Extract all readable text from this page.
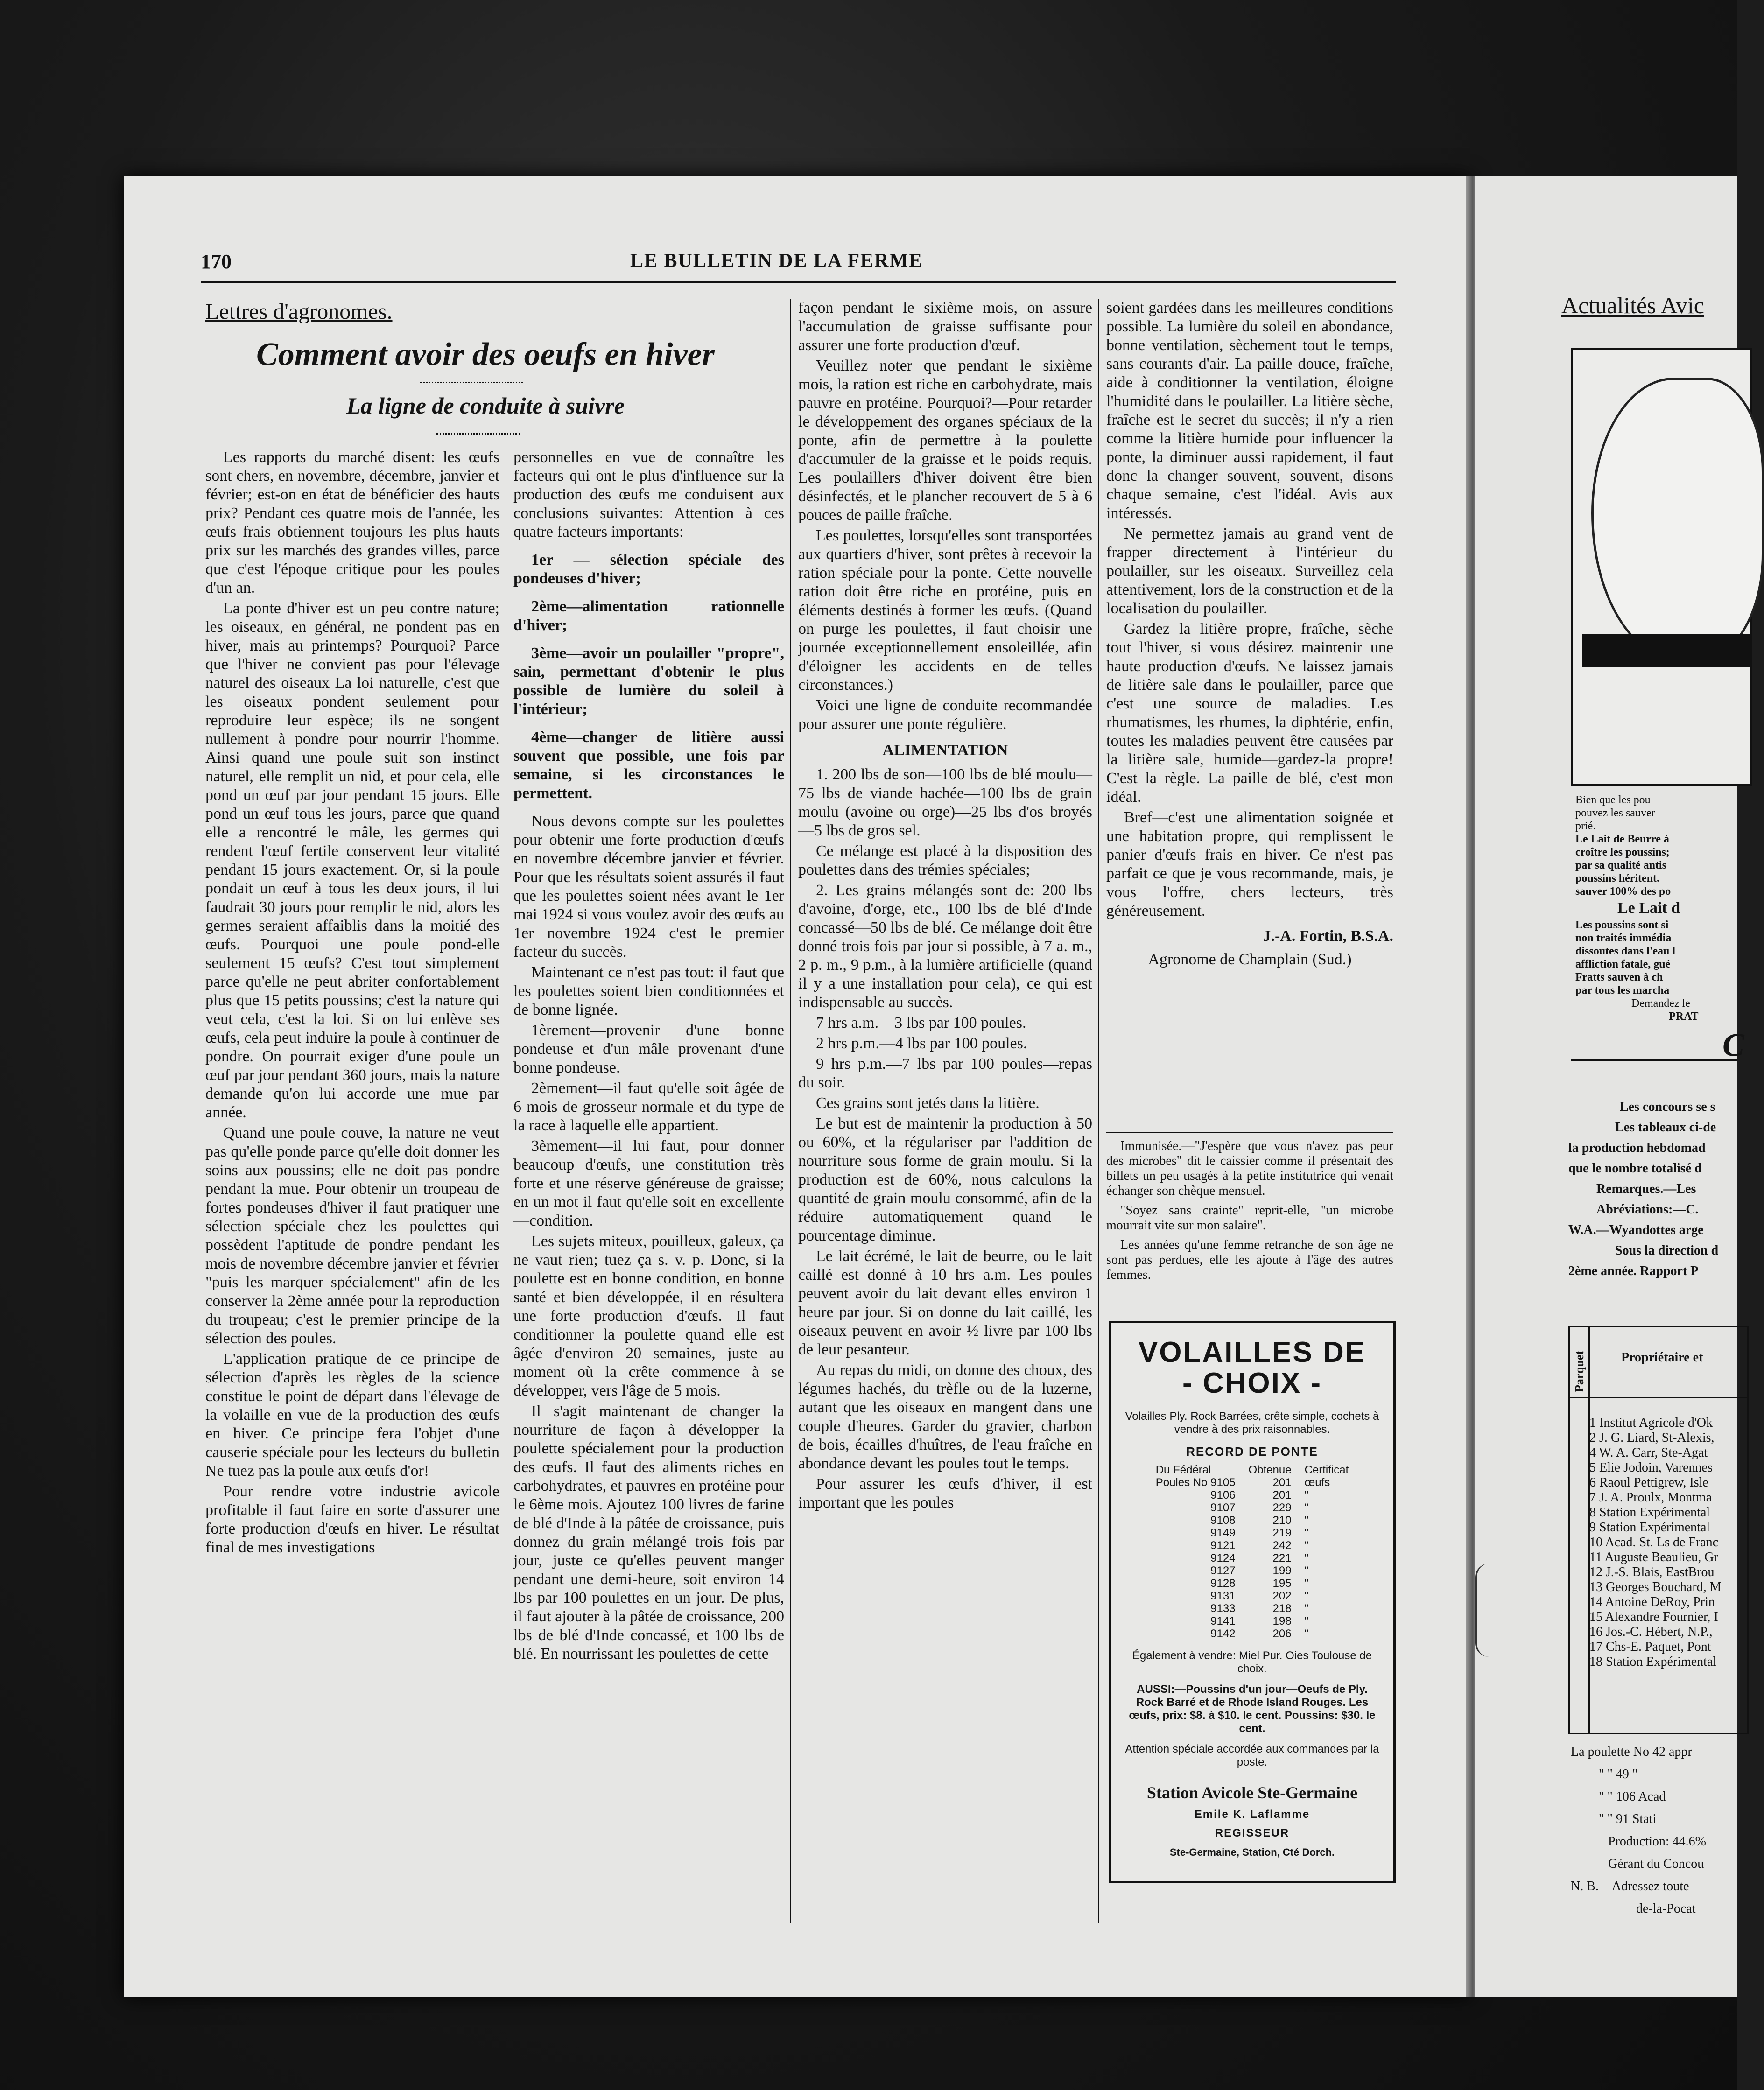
170	LE BULLETIN DE LA FERME
Lettres d'agronomes.
Comment avoir des oeufs en hiver
La ligne de conduite à suivre

Les rapports du marché disent: les œufs sont chers, en novembre, décembre, janvier et février; est-on en état de bénéficier des hauts prix? Pendant ces quatre mois de l'année, les œufs frais obtiennent toujours les plus hauts prix sur les marchés des grandes villes, parce que c'est l'époque critique pour les poules d'un an.

La ponte d'hiver est un peu contre nature; les oiseaux, en général, ne pondent pas en hiver, mais au printemps? Pourquoi? Parce que l'hiver ne convient pas pour l'élevage naturel des oiseaux La loi naturelle, c'est que les oiseaux pondent seulement pour reproduire leur espèce; ils ne songent nullement à pondre pour nourrir l'homme. Ainsi quand une poule suit son instinct naturel, elle remplit un nid, et pour cela, elle pond un œuf par jour pendant 15 jours. Elle pond un œuf tous les jours, parce que quand elle a rencontré le mâle, les germes qui rendent l'œuf fertile conservent leur vitalité pendant 15 jours exactement. Or, si la poule pondait un œuf à tous les deux jours, il lui faudrait 30 jours pour remplir le nid, alors les germes seraient affaiblis dans la moitié des œufs. Pourquoi une poule pond-elle seulement 15 œufs? C'est tout simplement parce qu'elle ne peut abriter confortablement plus que 15 petits poussins; c'est la nature qui veut cela, c'est la loi. Si on lui enlève ses œufs, cela peut induire la poule à continuer de pondre. On pourrait exiger d'une poule un œuf par jour pendant 360 jours, mais la nature demande qu'on lui accorde une mue par année.

Quand une poule couve, la nature ne veut pas qu'elle ponde parce qu'elle doit donner les soins aux poussins; elle ne doit pas pondre pendant la mue. Pour obtenir un troupeau de fortes pondeuses d'hiver il faut pratiquer une sélection spéciale chez les poulettes qui possèdent l'aptitude de pondre pendant les mois de novembre décembre janvier et février "puis les marquer spécialement" afin de les conserver la 2ème année pour la reproduction du troupeau; c'est le premier principe de la sélection des poules.

L'application pratique de ce principe de sélection d'après les règles de la science constitue le point de départ dans l'élevage de la volaille en vue de la production des œufs en hiver. Ce principe fera l'objet d'une causerie spéciale pour les lecteurs du bulletin Ne tuez pas la poule aux œufs d'or!

Pour rendre votre industrie avicole profitable il faut faire en sorte d'assurer une forte production d'œufs en hiver. Le résultat final de mes investigations

personnelles en vue de connaître les facteurs qui ont le plus d'influence sur la production des œufs me conduisent aux conclusions suivantes: Attention à ces quatre facteurs importants:

1er — sélection spéciale des pondeuses d'hiver;

2ème—alimentation rationnelle d'hiver;

3ème—avoir un poulailler "propre", sain, permettant d'obtenir le plus possible de lumière du soleil à l'intérieur;

4ème—changer de litière aussi souvent que possible, une fois par semaine, si les circonstances le permettent.

Nous devons compte sur les poulettes pour obtenir une forte production d'œufs en novembre décembre janvier et février. Pour que les résultats soient assurés il faut que les poulettes soient nées avant le 1er mai 1924 si vous voulez avoir des œufs au 1er novembre 1924 c'est le premier facteur du succès.

Maintenant ce n'est pas tout: il faut que les poulettes soient bien conditionnées et de bonne lignée.

1èrement—provenir d'une bonne pondeuse et d'un mâle provenant d'une bonne pondeuse.

2èmement—il faut qu'elle soit âgée de 6 mois de grosseur normale et du type de la race à laquelle elle appartient.

3èmement—il lui faut, pour donner beaucoup d'œufs, une constitution très forte et une réserve généreuse de graisse; en un mot il faut qu'elle soit en excellente—condition.

Les sujets miteux, pouilleux, galeux, ça ne vaut rien; tuez ça s. v. p. Donc, si la poulette est en bonne condition, en bonne santé et bien développée, il en résultera une forte production d'œufs. Il faut conditionner la poulette quand elle est âgée d'environ 20 semaines, juste au moment où la crête commence à se développer, vers l'âge de 5 mois.

Il s'agit maintenant de changer la nourriture de façon à développer la poulette spécialement pour la production des œufs. Il faut des aliments riches en carbohydrates, et pauvres en protéine pour le 6ème mois. Ajoutez 100 livres de farine de blé d'Inde à la pâtée de croissance, puis donnez du grain mélangé trois fois par jour, juste ce qu'elles peuvent manger pendant une demi-heure, soit environ 14 lbs par 100 poulettes en un jour. De plus, il faut ajouter à la pâtée de croissance, 200 lbs de blé d'Inde concassé, et 100 lbs de blé. En nourrissant les poulettes de cette

façon pendant le sixième mois, on assure l'accumulation de graisse suffisante pour assurer une forte production d'œuf.

Veuillez noter que pendant le sixième mois, la ration est riche en carbohydrate, mais pauvre en protéine. Pourquoi?—Pour retarder le développement des organes spéciaux de la ponte, afin de permettre à la poulette d'accumuler de la graisse et le poids requis. Les poulaillers d'hiver doivent être bien désinfectés, et le plancher recouvert de 5 à 6 pouces de paille fraîche.

Les poulettes, lorsqu'elles sont transportées aux quartiers d'hiver, sont prêtes à recevoir la ration spéciale pour la ponte. Cette nouvelle ration doit être riche en protéine, puis en éléments destinés à former les œufs. (Quand on purge les poulettes, il faut choisir une journée exceptionnellement ensoleillée, afin d'éloigner les accidents en de telles circonstances.)

Voici une ligne de conduite recommandée pour assurer une ponte régulière.

ALIMENTATION

1. 200 lbs de son—100 lbs de blé moulu—75 lbs de viande hachée—100 lbs de grain moulu (avoine ou orge)—25 lbs d'os broyés—5 lbs de gros sel.

Ce mélange est placé à la disposition des poulettes dans des trémies spéciales;

2. Les grains mélangés sont de: 200 lbs d'avoine, d'orge, etc., 100 lbs de blé d'Inde concassé—50 lbs de blé. Ce mélange doit être donné trois fois par jour si possible, à 7 a. m., 2 p. m., 9 p.m., à la lumière artificielle (quand il y a une installation pour cela), ce qui est indispensable au succès.

7 hrs a.m.—3 lbs par 100 poules.

2 hrs p.m.—4 lbs par 100 poules.

9 hrs p.m.—7 lbs par 100 poules—repas du soir.

Ces grains sont jetés dans la litière.

Le but est de maintenir la production à 50 ou 60%, et la régulariser par l'addition de nourriture sous forme de grain moulu. Si la production est de 60%, nous calculons la quantité de grain moulu consommé, afin de la réduire automatiquement quand le pourcentage diminue.

Le lait écrémé, le lait de beurre, ou le lait caillé est donné à 10 hrs a.m. Les poules peuvent avoir du lait devant elles environ 1 heure par jour. Si on donne du lait caillé, les oiseaux peuvent en avoir ½ livre par 100 lbs de leur pesanteur.

Au repas du midi, on donne des choux, des légumes hachés, du trèfle ou de la luzerne, autant que les oiseaux en mangent dans une couple d'heures. Garder du gravier, charbon de bois, écailles d'huîtres, de l'eau fraîche en abondance devant les poules tout le temps.

Pour assurer les œufs d'hiver, il est important que les poules

soient gardées dans les meilleures conditions possible. La lumière du soleil en abondance, bonne ventilation, sèchement tout le temps, sans courants d'air. La paille douce, fraîche, aide à conditionner la ventilation, éloigne l'humidité dans le poulailler. La litière sèche, fraîche est le secret du succès; il n'y a rien comme la litière humide pour influencer la ponte, la diminuer aussi rapidement, il faut donc la changer souvent, souvent, disons chaque semaine, c'est l'idéal. Avis aux intéressés.

Ne permettez jamais au grand vent de frapper directement à l'intérieur du poulailler, sur les oiseaux. Surveillez cela attentivement, lors de la construction et de la localisation du poulailler.

Gardez la litière propre, fraîche, sèche tout l'hiver, si vous désirez maintenir une haute production d'œufs. Ne laissez jamais de litière sale dans le poulailler, parce que c'est une source de maladies. Les rhumatismes, les rhumes, la diphtérie, enfin, toutes les maladies peuvent être causées par la litière sale, humide—gardez-la propre! C'est la règle. La paille de blé, c'est mon idéal.

Bref—c'est une alimentation soignée et une habitation propre, qui remplissent le panier d'œufs frais en hiver. Ce n'est pas parfait ce que je vous recommande, mais, je vous l'offre, chers lecteurs, très généreusement.

J.-A. Fortin, B.S.A.

Agronome de Champlain (Sud.)

Immunisée.—"J'espère que vous n'avez pas peur des microbes" dit le caissier comme il présentait des billets un peu usagés à la petite institutrice qui venait échanger son chèque mensuel.

"Soyez sans crainte" reprit-elle, "un microbe mourrait vite sur mon salaire".

Les années qu'une femme retranche de son âge ne sont pas perdues, elle les ajoute à l'âge des autres femmes.

VOLAILLES DE
- CHOIX -
Volailles Ply. Rock Barrées, crête simple, cochets à vendre à des prix raisonnables.
RECORD DE PONTE
Du Fédéral	Obtenue	Certificat
Poules No 9105	201	œufs
9106	201	"
9107	229	"
9108	210	"
9149	219	"
9121	242	"
9124	221	"
9127	199	"
9128	195	"
9131	202	"
9133	218	"
9141	198	"
9142	206	"
Également à vendre: Miel Pur. Oies Toulouse de choix.
AUSSI:—Poussins d'un jour—Oeufs de Ply. Rock Barré et de Rhode Island Rouges. Les œufs, prix: $8. à $10. le cent. Poussins: $30. le cent.
Attention spéciale accordée aux commandes par la poste.
Station Avicole Ste-Germaine
Emile K. Laflamme
REGISSEUR
Ste-Germaine, Station, Cté Dorch.
Actualités Avic
Bien que les pou
pouvez les sauver
prié.
Le Lait de Beurre à
croître les poussins;
par sa qualité antis
poussins héritent.
sauver 100% des po
Le Lait d
Les poussins sont si
non traités immédia
dissoutes dans l'eau l
affliction fatale, gué
Fratts sauven à ch
par tous les marcha
Demandez le
PRAT
C
Les concours se s
Les tableaux ci-de
la production hebdomad
que le nombre totalisé d
Remarques.—Les
Abréviations:—C.
W.A.—Wyandottes arge
Sous la direction d
2ème année. Rapport P
Parquet	Propriétaire et
1 Institut Agricole d'Ok
2 J. G. Liard, St-Alexis,
4 W. A. Carr, Ste-Agat
5 Elie Jodoin, Varennes
6 Raoul Pettigrew, Isle
7 J. A. Proulx, Montma
8 Station Expérimental
9 Station Expérimental
10 Acad. St. Ls de Franc
11 Auguste Beaulieu, Gr
12 J.-S. Blais, EastBrou
13 Georges Bouchard, M
14 Antoine DeRoy, Prin
15 Alexandre Fournier, I
16 Jos.-C. Hébert, N.P.,
17 Chs-E. Paquet, Pont
18 Station Expérimental
La poulette No 42 appr
" " 49 "
" " 106 Acad
" " 91 Stati
Production: 44.6%
Gérant du Concou
N. B.—Adressez toute
de-la-Pocat
